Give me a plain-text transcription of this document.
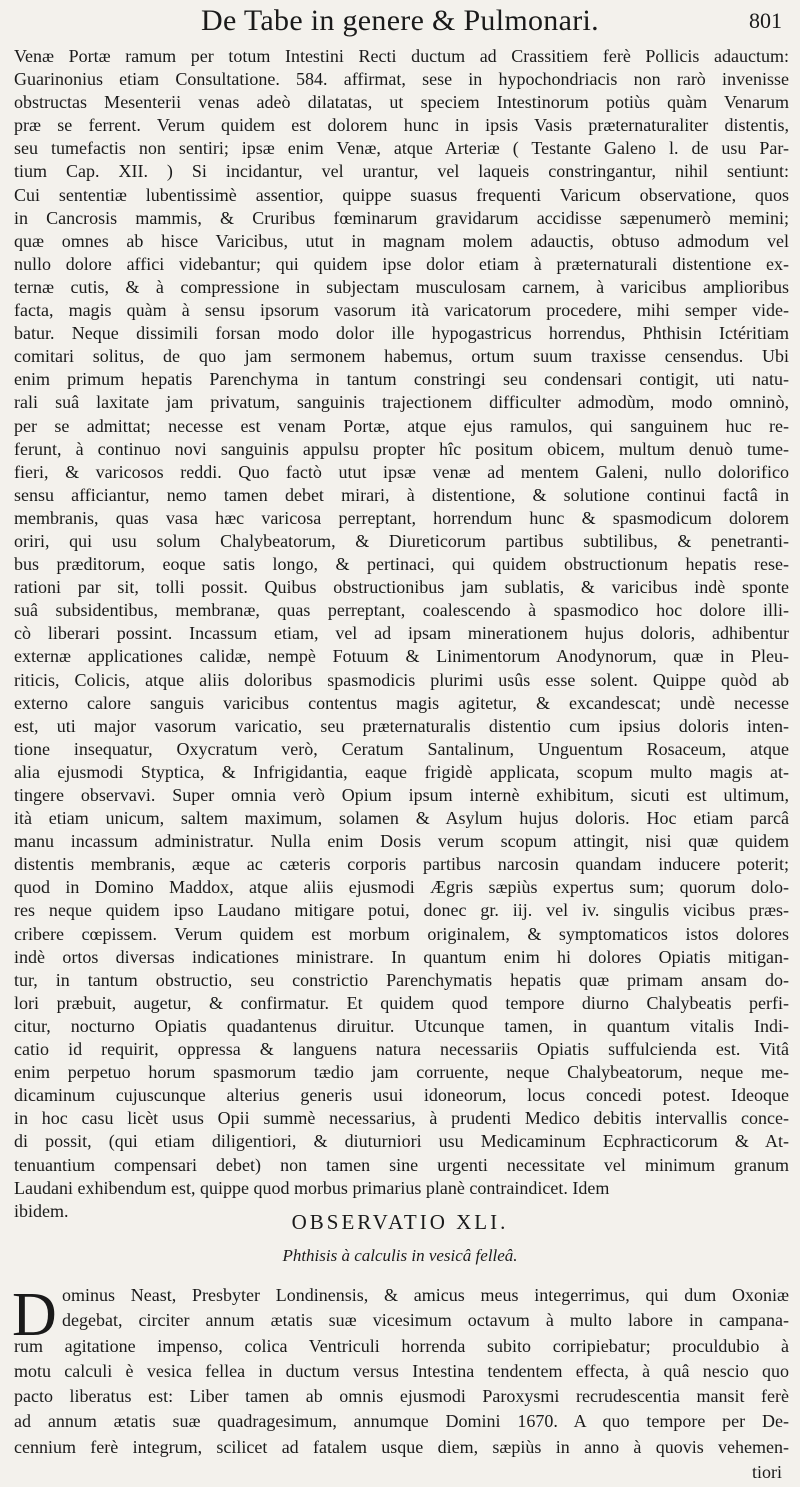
De Tabe in genere & Pulmonari.	801
Venæ Portæ ramum per totum Intestini Recti ductum ad Crassitiem ferè Pollicis adauctum:
Guarinonius etiam Consultatione. 584. affirmat, sese in hypochondriacis non rarò invenisse
obstructas Mesenterii venas adeò dilatatas, ut speciem Intestinorum potiùs quàm Venarum
præ se ferrent. Verum quidem est dolorem hunc in ipsis Vasis præternaturaliter distentis,
seu tumefactis non sentiri; ipsæ enim Venæ, atque Arteriæ ( Testante Galeno l. de usu Par-
tium Cap. XII. ) Si incidantur, vel urantur, vel laqueis constringantur, nihil sentiunt:
Cui sententiæ lubentissimè assentior, quippe suasus frequenti Varicum observatione, quos
in Cancrosis mammis, & Cruribus fœminarum gravidarum accidisse sæpenumerò memini;
quæ omnes ab hisce Varicibus, utut in magnam molem adauctis, obtuso admodum vel
nullo dolore affici videbantur; qui quidem ipse dolor etiam à præternaturali distentione ex-
ternæ cutis, & à compressione in subjectam musculosam carnem, à varicibus amplioribus
facta, magis quàm à sensu ipsorum vasorum ità varicatorum procedere, mihi semper vide-
batur. Neque dissimili forsan modo dolor ille hypogastricus horrendus, Phthisin Ictéritiam
comitari solitus, de quo jam sermonem habemus, ortum suum traxisse censendus. Ubi
enim primum hepatis Parenchyma in tantum constringi seu condensari contigit, uti natu-
rali suâ laxitate jam privatum, sanguinis trajectionem difficulter admodùm, modo omninò,
per se admittat; necesse est venam Portæ, atque ejus ramulos, qui sanguinem huc re-
ferunt, à continuo novi sanguinis appulsu propter hîc positum obicem, multum denuò tume-
fieri, & varicosos reddi. Quo factò utut ipsæ venæ ad mentem Galeni, nullo dolorifico
sensu afficiantur, nemo tamen debet mirari, à distentione, & solutione continui factâ in
membranis, quas vasa hæc varicosa perreptant, horrendum hunc & spasmodicum dolorem
oriri, qui usu solum Chalybeatorum, & Diureticorum partibus subtilibus, & penetranti-
bus præditorum, eoque satis longo, & pertinaci, qui quidem obstructionum hepatis rese-
rationi par sit, tolli possit. Quibus obstructionibus jam sublatis, & varicibus indè sponte
suâ subsidentibus, membranæ, quas perreptant, coalescendo à spasmodico hoc dolore illi-
cò liberari possint. Incassum etiam, vel ad ipsam minerationem hujus doloris, adhibentur
externæ applicationes calidæ, nempè Fotuum & Linimentorum Anodynorum, quæ in Pleu-
riticis, Colicis, atque aliis doloribus spasmodicis plurimi usûs esse solent. Quippe quòd ab
externo calore sanguis varicibus contentus magis agitetur, & excandescat; undè necesse
est, uti major vasorum varicatio, seu præternaturalis distentio cum ipsius doloris inten-
tione insequatur, Oxycratum verò, Ceratum Santalinum, Unguentum Rosaceum, atque
alia ejusmodi Styptica, & Infrigidantia, eaque frigidè applicata, scopum multo magis at-
tingere observavi. Super omnia verò Opium ipsum internè exhibitum, sicuti est ultimum,
ità etiam unicum, saltem maximum, solamen & Asylum hujus doloris. Hoc etiam parcâ
manu incassum administratur. Nulla enim Dosis verum scopum attingit, nisi quæ quidem
distentis membranis, æque ac cæteris corporis partibus narcosin quandam inducere poterit;
quod in Domino Maddox, atque aliis ejusmodi Ægris sæpiùs expertus sum; quorum dolo-
res neque quidem ipso Laudano mitigare potui, donec gr. iij. vel iv. singulis vicibus præs-
cribere cœpissem. Verum quidem est morbum originalem, & symptomaticos istos dolores
indè ortos diversas indicationes ministrare. In quantum enim hi dolores Opiatis mitigan-
tur, in tantum obstructio, seu constrictio Parenchymatis hepatis quæ primam ansam do-
lori præbuit, augetur, & confirmatur. Et quidem quod tempore diurno Chalybeatis perfi-
citur, nocturno Opiatis quadantenus diruitur. Utcunque tamen, in quantum vitalis Indi-
catio id requirit, oppressa & languens natura necessariis Opiatis suffulcienda est. Vitâ
enim perpetuo horum spasmorum tædio jam corruente, neque Chalybeatorum, neque me-
dicaminum cujuscunque alterius generis usui idoneorum, locus concedi potest. Ideoque
in hoc casu licèt usus Opii summè necessarius, à prudenti Medico debitis intervallis conce-
di possit, (qui etiam diligentiori, & diuturniori usu Medicaminum Ecphracticorum & At-
tenuantium compensari debet) non tamen sine urgenti necessitate vel minimum granum
Laudani exhibendum est, quippe quod morbus primarius planè contraindicet. Idem
ibidem.	OBSERVATIO XLI.
Phthisis à calculis in vesicâ felleâ.
D ominus Neast, Presbyter Londinensis, & amicus meus integerrimus, qui dum Oxoniæ
degebat, circiter annum ætatis suæ vicesimum octavum à multo labore in campana-
rum agitatione impenso, colica Ventriculi horrenda subito corripiebatur; proculdubio à
motu calculi è vesica fellea in ductum versus Intestina tendentem effecta, à quâ nescio quo
pacto liberatus est: Liber tamen ab omnis ejusmodi Paroxysmi recrudescentia mansit ferè
ad annum ætatis suæ quadragesimum, annumque Domini 1670. A quo tempore per De-
cennium ferè integrum, scilicet ad fatalem usque diem, sæpiùs in anno à quovis vehemen-
tiori
